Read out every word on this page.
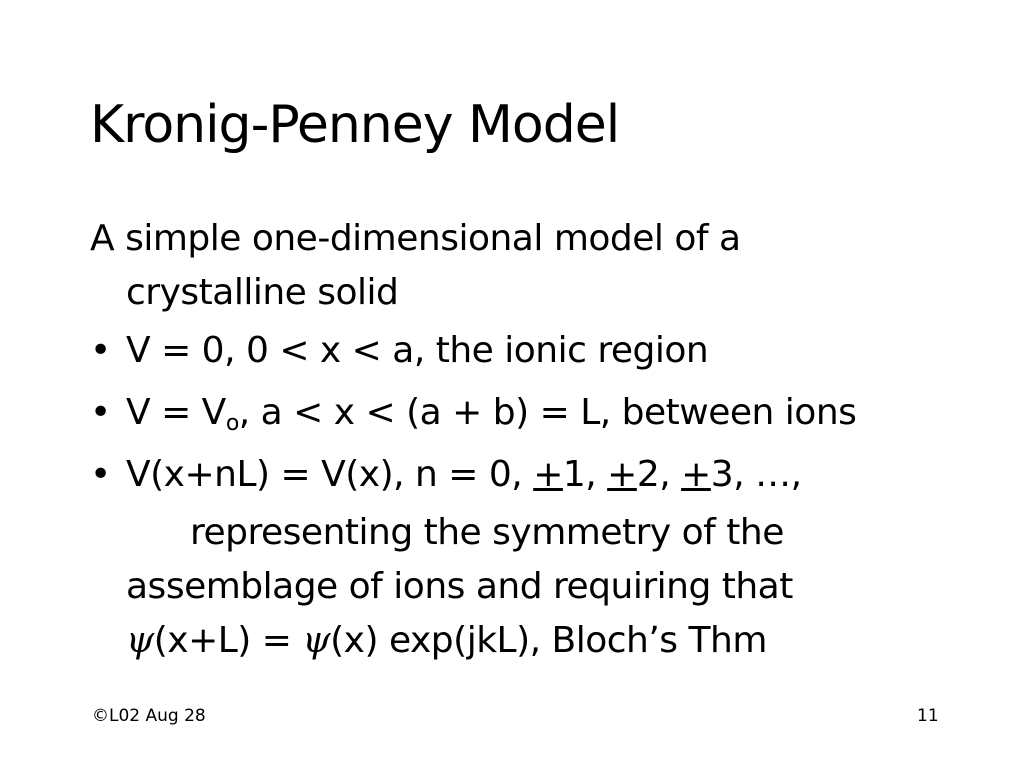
Kronig-Penney Model
A simple one-dimensional model of a
crystalline solid
• V = 0, 0 < x < a, the ionic region
• $V = V_o$, a < x < (a + b) = L, between ions
• V(x+nL) = V(x), n = 0, +1, +2, +3, …,
representing the symmetry of the
assemblage of ions and requiring that
ψ(x+L) = ψ(x) exp(jkL), Bloch’s Thm
©L02 Aug 28	11
